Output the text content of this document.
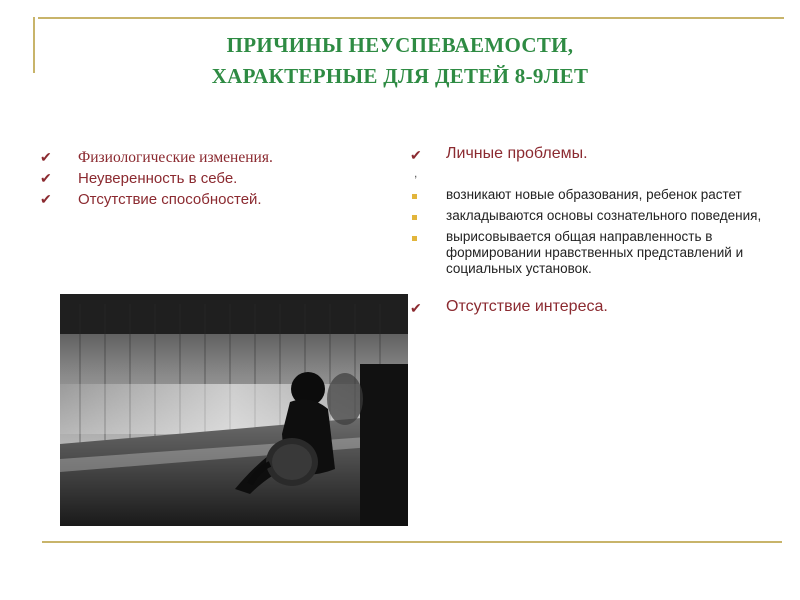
ПРИЧИНЫ НЕУСПЕВАЕМОСТИ,
ХАРАКТЕРНЫЕ ДЛЯ ДЕТЕЙ 8-9ЛЕТ
✔ Физиологические изменения.
✔ Неуверенность в себе.
✔ Отсутствие способностей.
✔ Личные проблемы.
,
возникают новые образования, ребенок растет
закладываются основы сознательного поведения,
вырисовывается общая направленность в формировании нравственных представлений и социальных установок.
✔ Отсутствие интереса.
